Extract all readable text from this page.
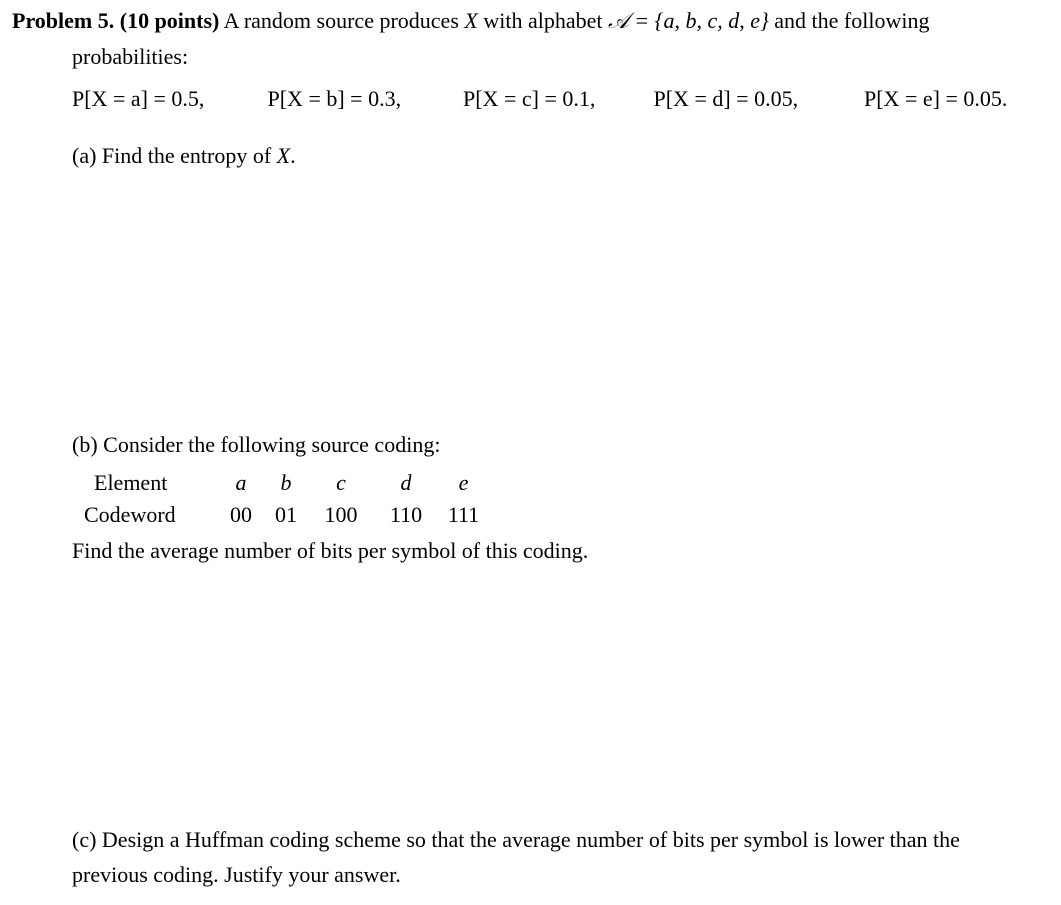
Problem 5. (10 points) A random source produces X with alphabet 𝒜 = {a, b, c, d, e} and the following
probabilities:
P[X = a] = 0.5,	P[X = b] = 0.3,	P[X = c] = 0.1,	P[X = d] = 0.05,	P[X = e] = 0.05.
(a) Find the entropy of X.
(b) Consider the following source coding:
Element	a	b	c	d	e
Codeword	00	01	100	110	111
Find the average number of bits per symbol of this coding.
(c) Design a Huffman coding scheme so that the average number of bits per symbol is lower than the
previous coding. Justify your answer.
